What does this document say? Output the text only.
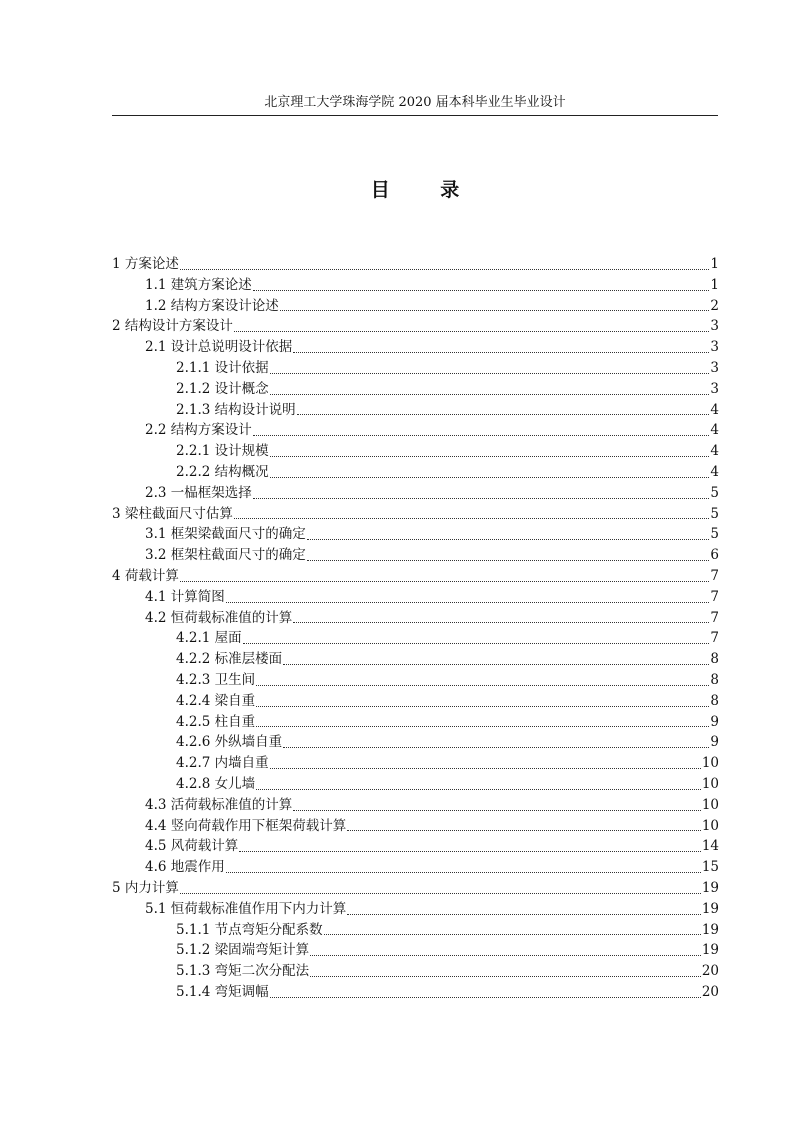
北京理工大学珠海学院 2020 届本科毕业生毕业设计
目 录
1 方案论述	1
1.1 建筑方案论述	1
1.2 结构方案设计论述	2
2 结构设计方案设计	3
2.1 设计总说明设计依据	3
2.1.1 设计依据	3
2.1.2 设计概念	3
2.1.3 结构设计说明	4
2.2 结构方案设计	4
2.2.1 设计规模	4
2.2.2 结构概况	4
2.3 一榀框架选择	5
3 梁柱截面尺寸估算	5
3.1 框架梁截面尺寸的确定	5
3.2 框架柱截面尺寸的确定	6
4 荷载计算	7
4.1 计算简图	7
4.2 恒荷载标准值的计算	7
4.2.1 屋面	7
4.2.2 标准层楼面	8
4.2.3 卫生间	8
4.2.4 梁自重	8
4.2.5 柱自重	9
4.2.6 外纵墙自重	9
4.2.7 内墙自重	10
4.2.8 女儿墙	10
4.3 活荷载标准值的计算	10
4.4 竖向荷载作用下框架荷载计算	10
4.5 风荷载计算	14
4.6 地震作用	15
5 内力计算	19
5.1 恒荷载标准值作用下内力计算	19
5.1.1 节点弯矩分配系数	19
5.1.2 梁固端弯矩计算	19
5.1.3 弯矩二次分配法	20
5.1.4 弯矩调幅	20
